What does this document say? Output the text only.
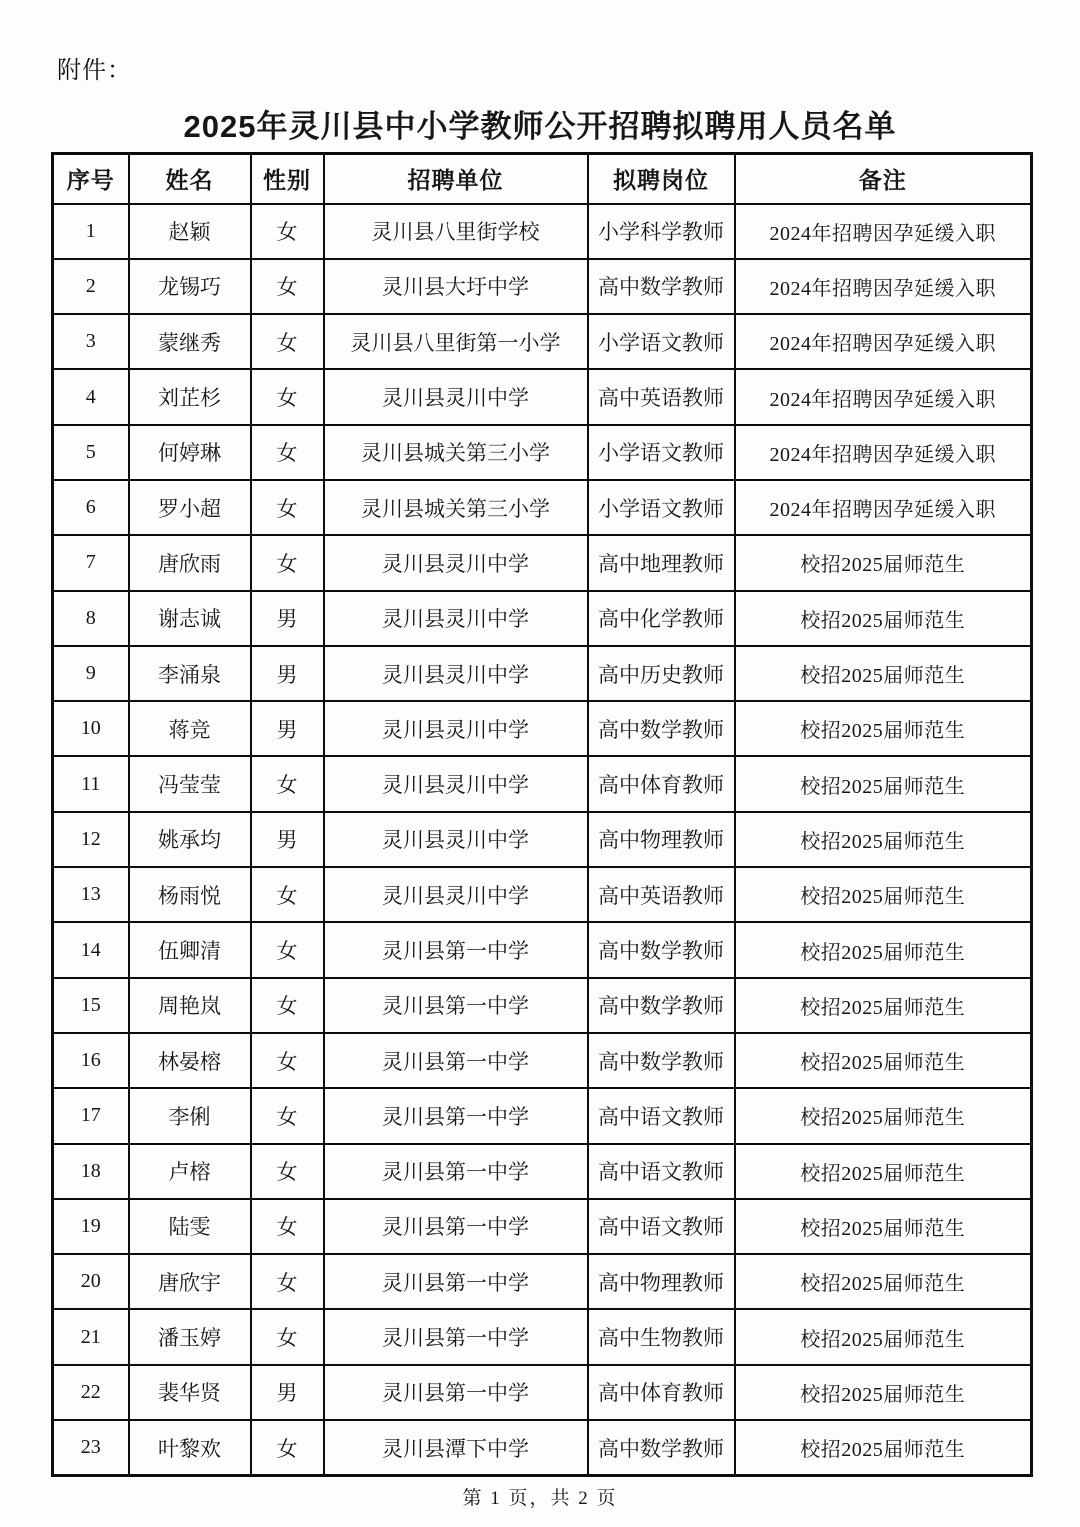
附件：
2025年灵川县中小学教师公开招聘拟聘用人员名单
序号	姓名	性别	招聘单位	拟聘岗位	备注
1	赵颖	女	灵川县八里街学校	小学科学教师	2024年招聘因孕延缓入职
2	龙锡巧	女	灵川县大圩中学	高中数学教师	2024年招聘因孕延缓入职
3	蒙继秀	女	灵川县八里街第一小学	小学语文教师	2024年招聘因孕延缓入职
4	刘芷杉	女	灵川县灵川中学	高中英语教师	2024年招聘因孕延缓入职
5	何婷琳	女	灵川县城关第三小学	小学语文教师	2024年招聘因孕延缓入职
6	罗小超	女	灵川县城关第三小学	小学语文教师	2024年招聘因孕延缓入职
7	唐欣雨	女	灵川县灵川中学	高中地理教师	校招2025届师范生
8	谢志诚	男	灵川县灵川中学	高中化学教师	校招2025届师范生
9	李涌泉	男	灵川县灵川中学	高中历史教师	校招2025届师范生
10	蒋竞	男	灵川县灵川中学	高中数学教师	校招2025届师范生
11	冯莹莹	女	灵川县灵川中学	高中体育教师	校招2025届师范生
12	姚承均	男	灵川县灵川中学	高中物理教师	校招2025届师范生
13	杨雨悦	女	灵川县灵川中学	高中英语教师	校招2025届师范生
14	伍卿清	女	灵川县第一中学	高中数学教师	校招2025届师范生
15	周艳岚	女	灵川县第一中学	高中数学教师	校招2025届师范生
16	林晏榕	女	灵川县第一中学	高中数学教师	校招2025届师范生
17	李俐	女	灵川县第一中学	高中语文教师	校招2025届师范生
18	卢榕	女	灵川县第一中学	高中语文教师	校招2025届师范生
19	陆雯	女	灵川县第一中学	高中语文教师	校招2025届师范生
20	唐欣宇	女	灵川县第一中学	高中物理教师	校招2025届师范生
21	潘玉婷	女	灵川县第一中学	高中生物教师	校招2025届师范生
22	裴华贤	男	灵川县第一中学	高中体育教师	校招2025届师范生
23	叶黎欢	女	灵川县潭下中学	高中数学教师	校招2025届师范生
第 1 页，共 2 页
